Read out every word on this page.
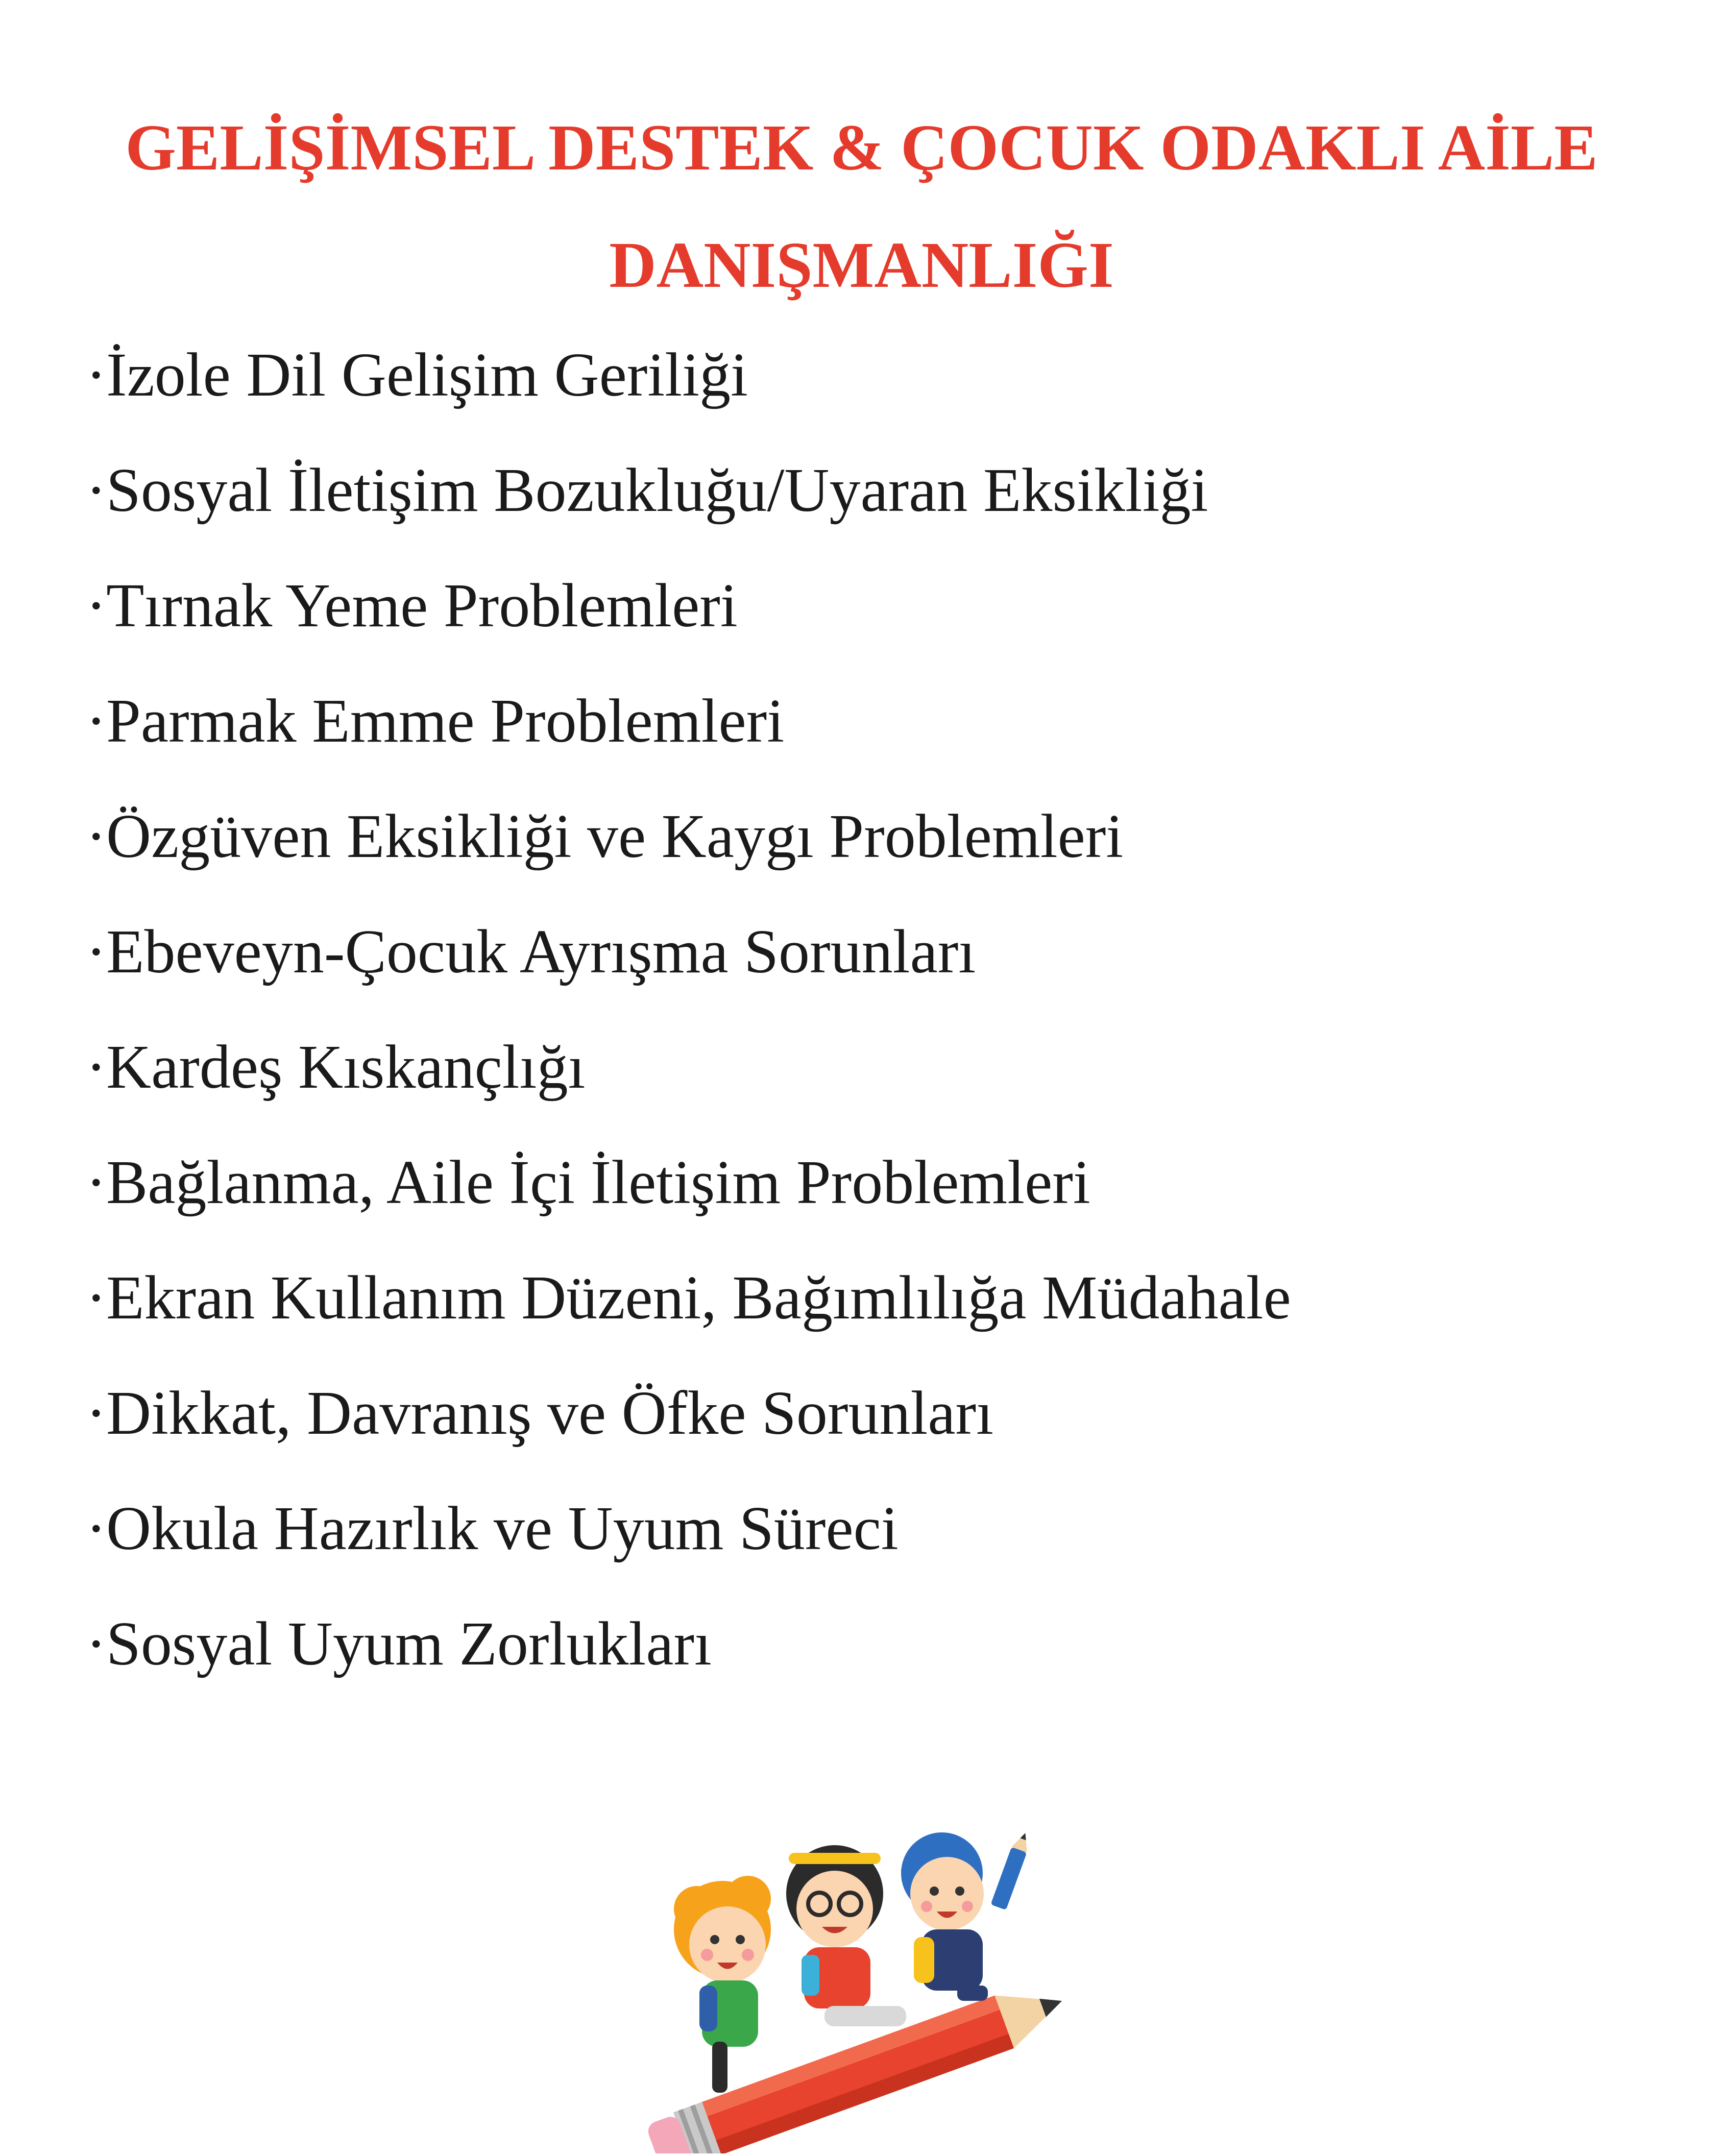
GELİŞİMSEL DESTEK & ÇOCUK ODAKLI AİLE
DANIŞMANLIĞI
·İzole Dil Gelişim Geriliği
·Sosyal İletişim Bozukluğu/Uyaran Eksikliği
·Tırnak Yeme Problemleri
·Parmak Emme Problemleri
·Özgüven Eksikliği ve Kaygı Problemleri
·Ebeveyn-Çocuk Ayrışma Sorunları
·Kardeş Kıskançlığı
·Bağlanma, Aile İçi İletişim Problemleri
·Ekran Kullanım Düzeni, Bağımlılığa Müdahale
·Dikkat, Davranış ve Öfke Sorunları
·Okula Hazırlık ve Uyum Süreci
·Sosyal Uyum Zorlukları
